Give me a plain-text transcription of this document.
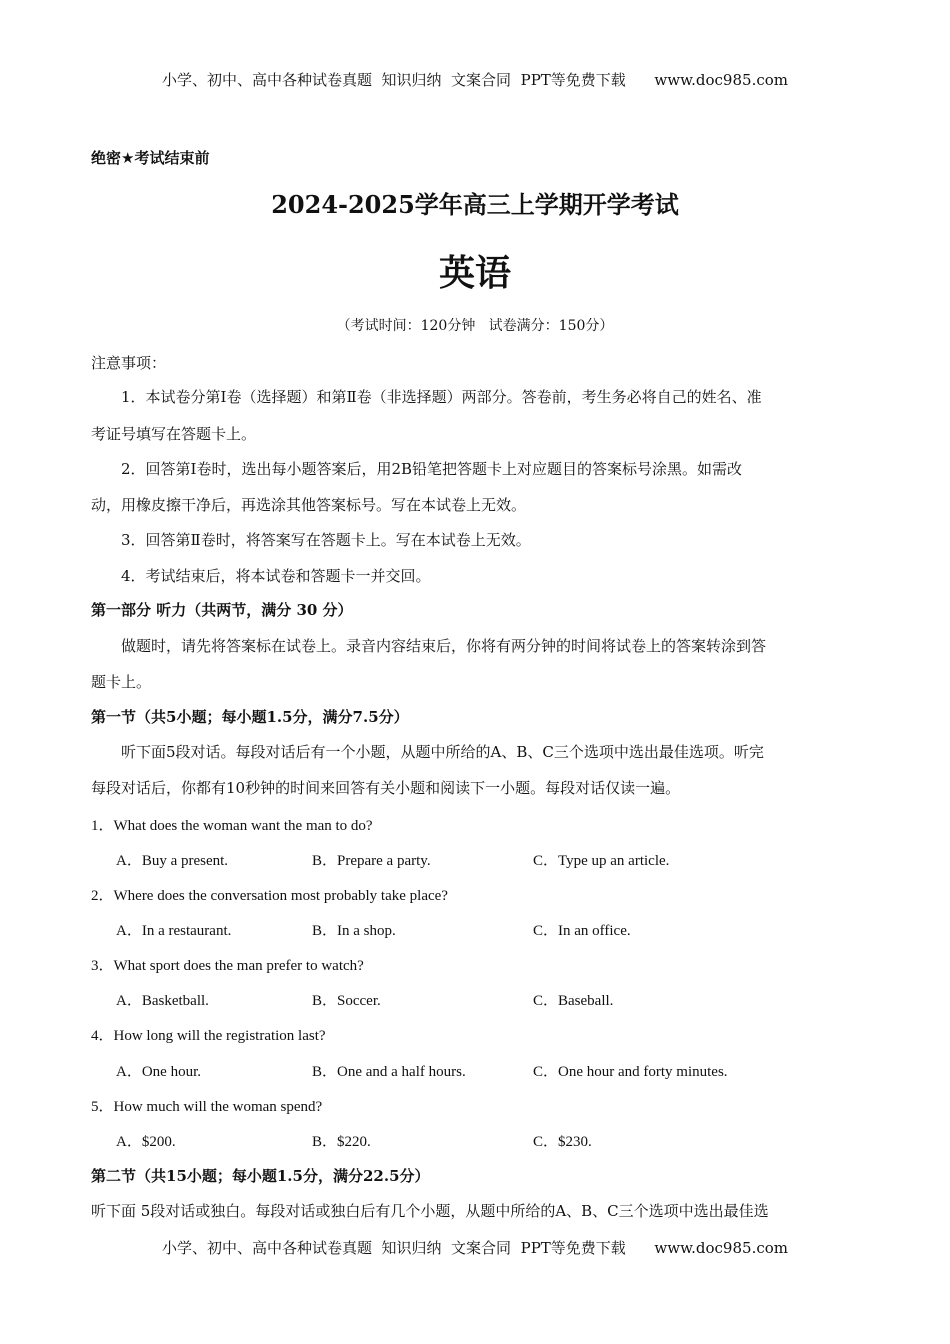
小学、初中、高中各种试卷真题  知识归纳  文案合同  PPT等免费下载      www.doc985.com
绝密★考试结束前
2024-2025学年高三上学期开学考试
英语
（考试时间：120分钟   试卷满分：150分）
注意事项：
1．本试卷分第Ⅰ卷（选择题）和第Ⅱ卷（非选择题）两部分。答卷前，考生务必将自己的姓名、准
考证号填写在答题卡上。
2．回答第Ⅰ卷时，选出每小题答案后，用2B铅笔把答题卡上对应题目的答案标号涂黑。如需改
动，用橡皮擦干净后，再选涂其他答案标号。写在本试卷上无效。
3．回答第Ⅱ卷时，将答案写在答题卡上。写在本试卷上无效。
4．考试结束后，将本试卷和答题卡一并交回。
第一部分 听力（共两节，满分 30 分）
做题时，请先将答案标在试卷上。录音内容结束后，你将有两分钟的时间将试卷上的答案转涂到答
题卡上。
第一节（共5小题；每小题1.5分，满分7.5分）
听下面5段对话。每段对话后有一个小题，从题中所给的A、B、C三个选项中选出最佳选项。听完
每段对话后，你都有10秒钟的时间来回答有关小题和阅读下一小题。每段对话仅读一遍。
1．What does the woman want the man to do?
A．Buy a present.	B．Prepare a party.	C．Type up an article.
2．Where does the conversation most probably take place?
A．In a restaurant.	B．In a shop.	C．In an office.
3．What sport does the man prefer to watch?
A．Basketball.	B．Soccer.	C．Baseball.
4．How long will the registration last?
A．One hour.	B．One and a half hours.	C．One hour and forty minutes.
5．How much will the woman spend?
A．$200.	B．$220.	C．$230.
第二节（共15小题；每小题1.5分，满分22.5分）
听下面 5段对话或独白。每段对话或独白后有几个小题，从题中所给的A、B、C三个选项中选出最佳选
小学、初中、高中各种试卷真题  知识归纳  文案合同  PPT等免费下载      www.doc985.com
